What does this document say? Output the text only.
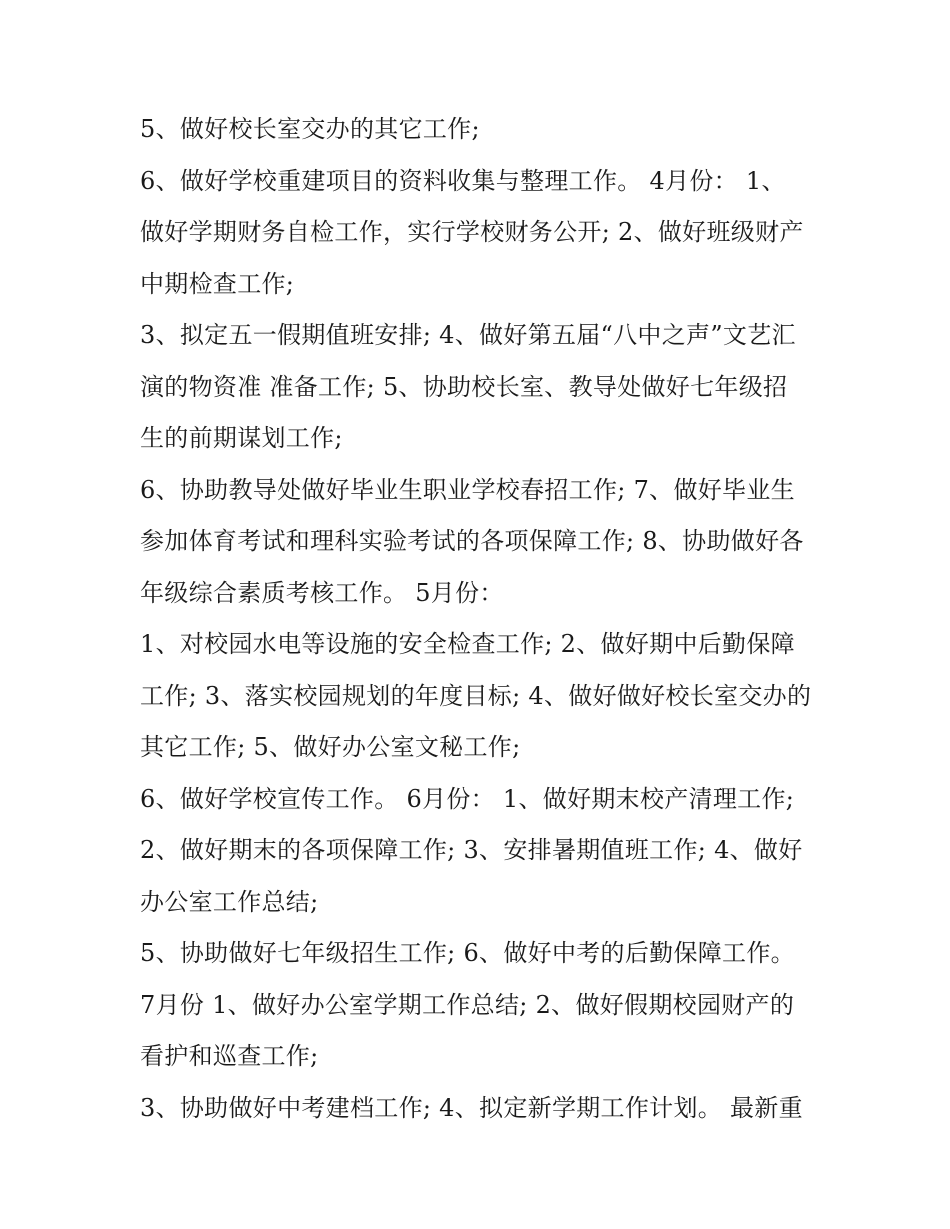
5、做好校长室交办的其它工作;
6、做好学校重建项目的资料收集与整理工作。 4月份： 1、
做好学期财务自检工作，实行学校财务公开; 2、做好班级财产
中期检查工作;
3、拟定五一假期值班安排; 4、做好第五届“八中之声”文艺汇
演的物资准 准备工作; 5、协助校长室、教导处做好七年级招
生的前期谋划工作;
6、协助教导处做好毕业生职业学校春招工作; 7、做好毕业生
参加体育考试和理科实验考试的各项保障工作; 8、协助做好各
年级综合素质考核工作。 5月份：
1、对校园水电等设施的安全检查工作; 2、做好期中后勤保障
工作; 3、落实校园规划的年度目标; 4、做好做好校长室交办的
其它工作; 5、做好办公室文秘工作;
6、做好学校宣传工作。 6月份： 1、做好期末校产清理工作;
2、做好期末的各项保障工作; 3、安排暑期值班工作; 4、做好
办公室工作总结;
5、协助做好七年级招生工作; 6、做好中考的后勤保障工作。
7月份 1、做好办公室学期工作总结; 2、做好假期校园财产的
看护和巡查工作;
3、协助做好中考建档工作; 4、拟定新学期工作计划。 最新重
